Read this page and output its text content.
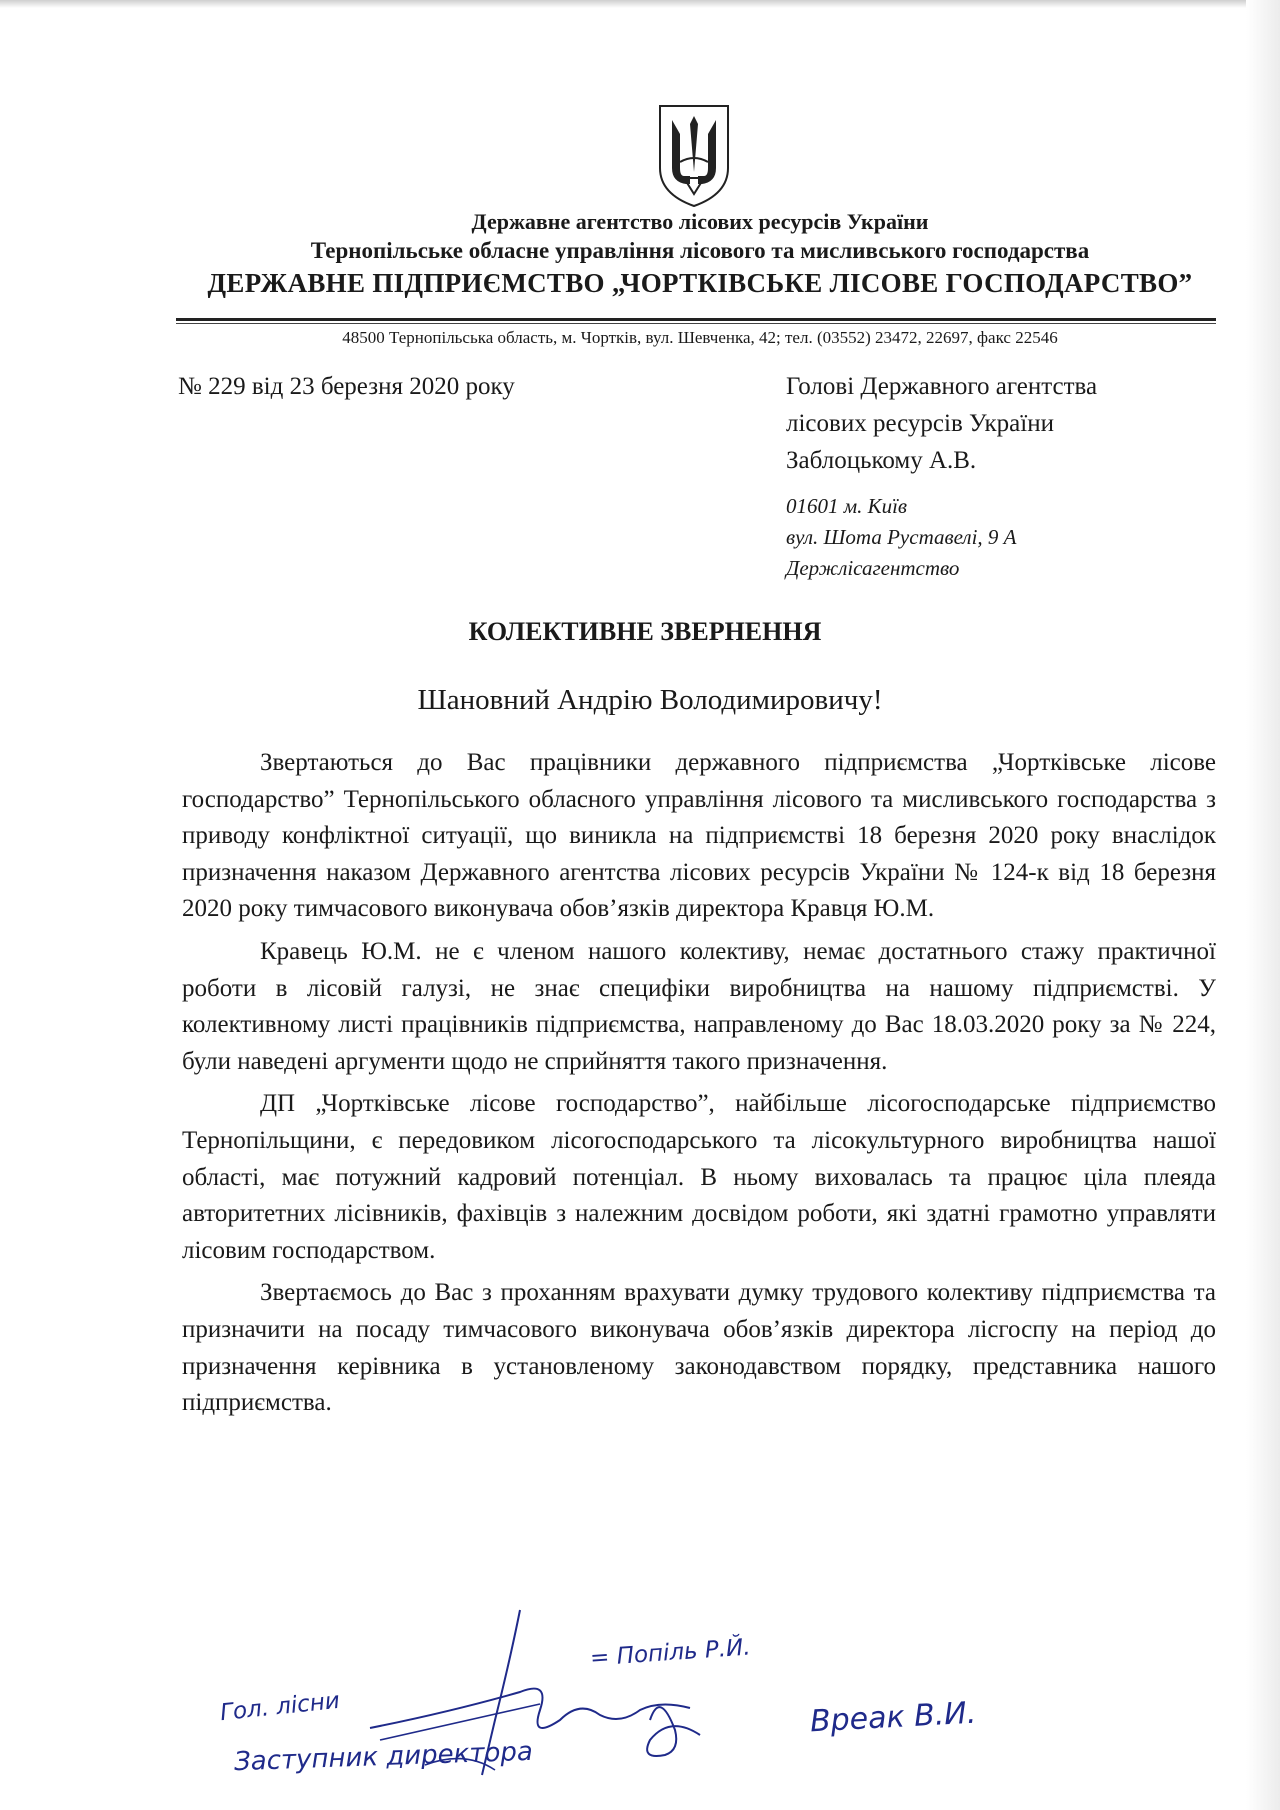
Державне агентство лісових ресурсів України
Тернопільське обласне управління лісового та мисливського господарства
ДЕРЖАВНЕ ПІДПРИЄМСТВО „ЧОРТКІВСЬКЕ ЛІСОВЕ ГОСПОДАРСТВО”
48500 Тернопільська область, м. Чортків, вул. Шевченка, 42; тел. (03552) 23472, 22697, факс 22546
№ 229 від 23 березня 2020 року	Голові Державного агентства
лісових ресурсів України
Заблоцькому А.В.
01601 м. Київ
вул. Шота Руставелі, 9 А
Держлісагентство
КОЛЕКТИВНЕ ЗВЕРНЕННЯ
Шановний Андрію Володимировичу!

Звертаються до Вас працівники державного підприємства „Чортківське лісове господарство” Тернопільського обласного управління лісового та мисливського господарства з приводу конфліктної ситуації, що виникла на підприємстві 18 березня 2020 року внаслідок призначення наказом Державного агентства лісових ресурсів України № 124-к від 18 березня 2020 року тимчасового виконувача обов’язків директора Кравця Ю.М.

Кравець Ю.М. не є членом нашого колективу, немає достатнього стажу практичної роботи в лісовій галузі, не знає специфіки виробництва на нашому підприємстві. У колективному листі працівників підприємства, направленому до Вас 18.03.2020 року за № 224, були наведені аргументи щодо не сприйняття такого призначення.

ДП „Чортківське лісове господарство”, найбільше лісогосподарське підприємство Тернопільщини, є передовиком лісогосподарського та лісокультурного виробництва нашої області, має потужний кадровий потенціал. В ньому виховалась та працює ціла плеяда авторитетних лісівників, фахівців з належним досвідом роботи, які здатні грамотно управляти лісовим господарством.

Звертаємось до Вас з проханням врахувати думку трудового колективу підприємства та призначити на посаду тимчасового виконувача обов’язків директора лісгоспу на період до призначення керівника в установленому законодавством порядку, представника нашого підприємства.

Гол. лісни
Заступник директора
= Попіль Р.Й.
Вреак В.И.
